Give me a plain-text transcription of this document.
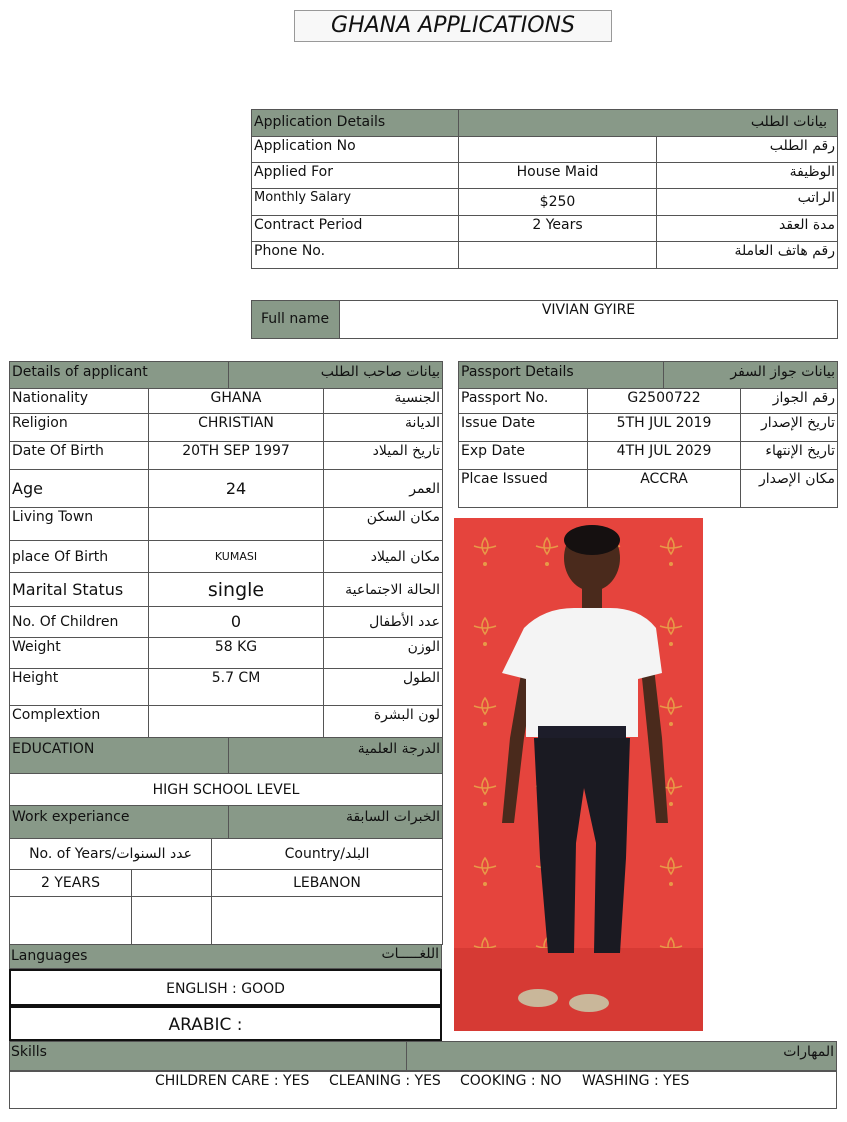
GHANA APPLICATIONS
Application Details	بيانات الطلب	
Application No		رقم الطلب
Applied For	House Maid	الوظيفة
Monthly Salary	$250	الراتب
Contract Period	2 Years	مدة العقد
Phone No.		رقم هاتف العاملة
Full name	VIVIAN GYIRE
Details of applicant		بيانات صاحب الطلب	
Nationality	GHANA		الجنسية
Religion	CHRISTIAN		الديانة
Date Of Birth	20TH SEP 1997		تاريخ الميلاد
Age	24		العمر
Living Town			مكان السكن
place Of Birth	KUMASI		مكان الميلاد
Marital Status	single		الحالة الاجتماعية
No. Of Children	0		عدد الأطفال
Weight	58 KG		الوزن
Height	5.7 CM		الطول
Complextion			لون البشرة
EDUCATION		الدرجة العلمية	
HIGH SCHOOL LEVEL			
Work experiance		الخبرات السابقة	
No. of Years/عدد السنوات		Country/البلد
2 YEARS		LEBANON

Languages	اللغـــــات
ENGLISH : GOOD
ARABIC :
Skills	المهارات
CHILDREN CARE : YES CLEANING : YES COOKING : NO WASHING : YES
Passport Details		بيانات جواز السفر	
Passport No.	G2500722		رقم الجواز
Issue Date	5TH JUL 2019		تاريخ الإصدار
Exp Date	4TH JUL 2029		تاريخ الإنتهاء
Plcae Issued	ACCRA		مكان الإصدار
